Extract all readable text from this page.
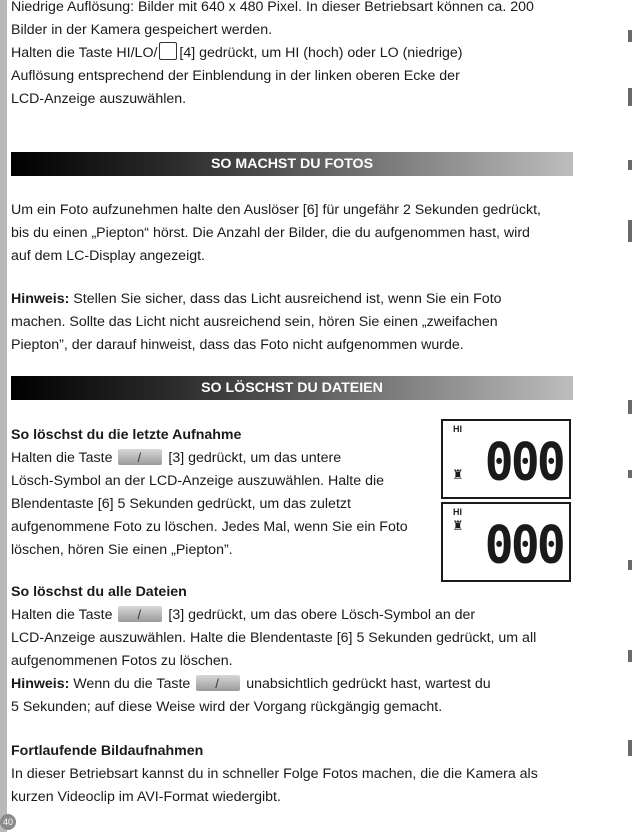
40

Niedrige Auflösung: Bilder mit 640 x 480 Pixel. In dieser Betriebsart können ca. 200

Bilder in der Kamera gespeichert werden.

Halten die Taste HI/LO/ [4] gedrückt, um HI (hoch) oder LO (niedrige)

Auflösung entsprechend der Einblendung in der linken oberen Ecke der

LCD-Anzeige auszuwählen.

SO MACHST DU FOTOS

Um ein Foto aufzunehmen halte den Auslöser [6] für ungefähr 2 Sekunden gedrückt,

bis du einen „Piepton“ hörst. Die Anzahl der Bilder, die du aufgenommen hast, wird

auf dem LC-Display angezeigt.

Hinweis: Stellen Sie sicher, dass das Licht ausreichend ist, wenn Sie ein Foto

machen. Sollte das Licht nicht ausreichend sein, hören Sie einen „zweifachen

Piepton”, der darauf hinweist, dass das Foto nicht aufgenommen wurde.

SO LÖSCHST DU DATEIEN

So löschst du die letzte Aufnahme

Halten die Taste /	[3] gedrückt, um das untere

Lösch-Symbol an der LCD-Anzeige auszuwählen. Halte die

Blendentaste [6] 5 Sekunden gedrückt, um das zuletzt

aufgenommene Foto zu löschen. Jedes Mal, wenn Sie ein Foto

löschen, hören Sie einen „Piepton”.

HI
♜ 000
HI
♜ 000

So löschst du alle Dateien

Halten die Taste /	[3] gedrückt, um das obere Lösch-Symbol an der

LCD-Anzeige auszuwählen. Halte die Blendentaste [6] 5 Sekunden gedrückt, um all

aufgenommenen Fotos zu löschen.

Hinweis: Wenn du die Taste /	unabsichtlich gedrückt hast, wartest du

5 Sekunden; auf diese Weise wird der Vorgang rückgängig gemacht.

Fortlaufende Bildaufnahmen

In dieser Betriebsart kannst du in schneller Folge Fotos machen, die die Kamera als

kurzen Videoclip im AVI-Format wiedergibt.
